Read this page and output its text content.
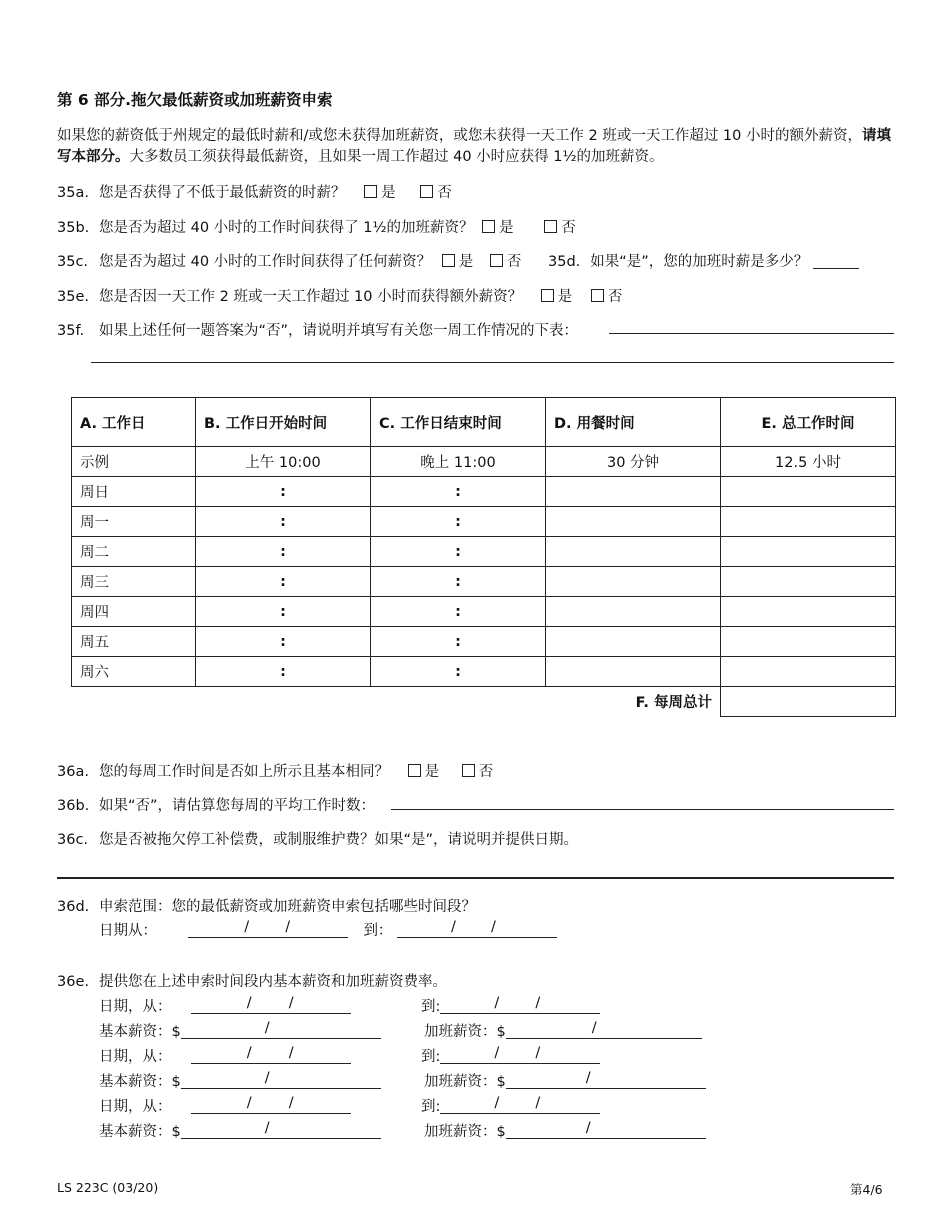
第 6 部分.拖欠最低薪资或加班薪资申索
如果您的薪资低于州规定的最低时薪和/或您未获得加班薪资，或您未获得一天工作 2 班或一天工作超过 10 小时的额外薪资，请填写本部分。大多数员工须获得最低薪资，且如果一周工作超过 40 小时应获得 1½的加班薪资。
35a. 您是否获得了不低于最低薪资的时薪？ 是	否
35b. 您是否为超过 40 小时的工作时间获得了 1½的加班薪资？ 是	否
35c. 您是否为超过 40 小时的工作时间获得了任何薪资？ 是 否 35d. 如果“是”，您的加班时薪是多少？
35e. 您是否因一天工作 2 班或一天工作超过 10 小时而获得额外薪资？ 是 否
35f. 如果上述任何一题答案为“否”，请说明并填写有关您一周工作情况的下表：
A. 工作日	B. 工作日开始时间	C. 工作日结束时间	D. 用餐时间	E. 总工作时间
示例	上午 10:00	晚上 11:00	30 分钟	12.5 小时
周日	:	:		
周一	:	:		
周二	:	:		
周三	:	:		
周四	:	:		
周五	:	:		
周六	:	:		
F. 每周总计				
36a. 您的每周工作时间是否如上所示且基本相同？ 是	否
36b. 如果“否”，请估算您每周的平均工作时数：
36c. 您是否被拖欠停工补偿费，或制服维护费？如果“是”，请说明并提供日期。
36d. 申索范围：您的最低薪资或加班薪资申索包括哪些时间段？
日期从：	/ /	到：	/ /
36e. 提供您在上述申索时间段内基本薪资和加班薪资费率。
日期，从：	/	/	到:	/ /
基本薪资：$	/	加班薪资：$	/
日期，从：	/	/	到:	/ /
基本薪资：$	/	加班薪资：$	/
日期，从：	/	/	到:	/ /
基本薪资：$	/	加班薪资：$	/
LS 223C (03/20)	第4/6
